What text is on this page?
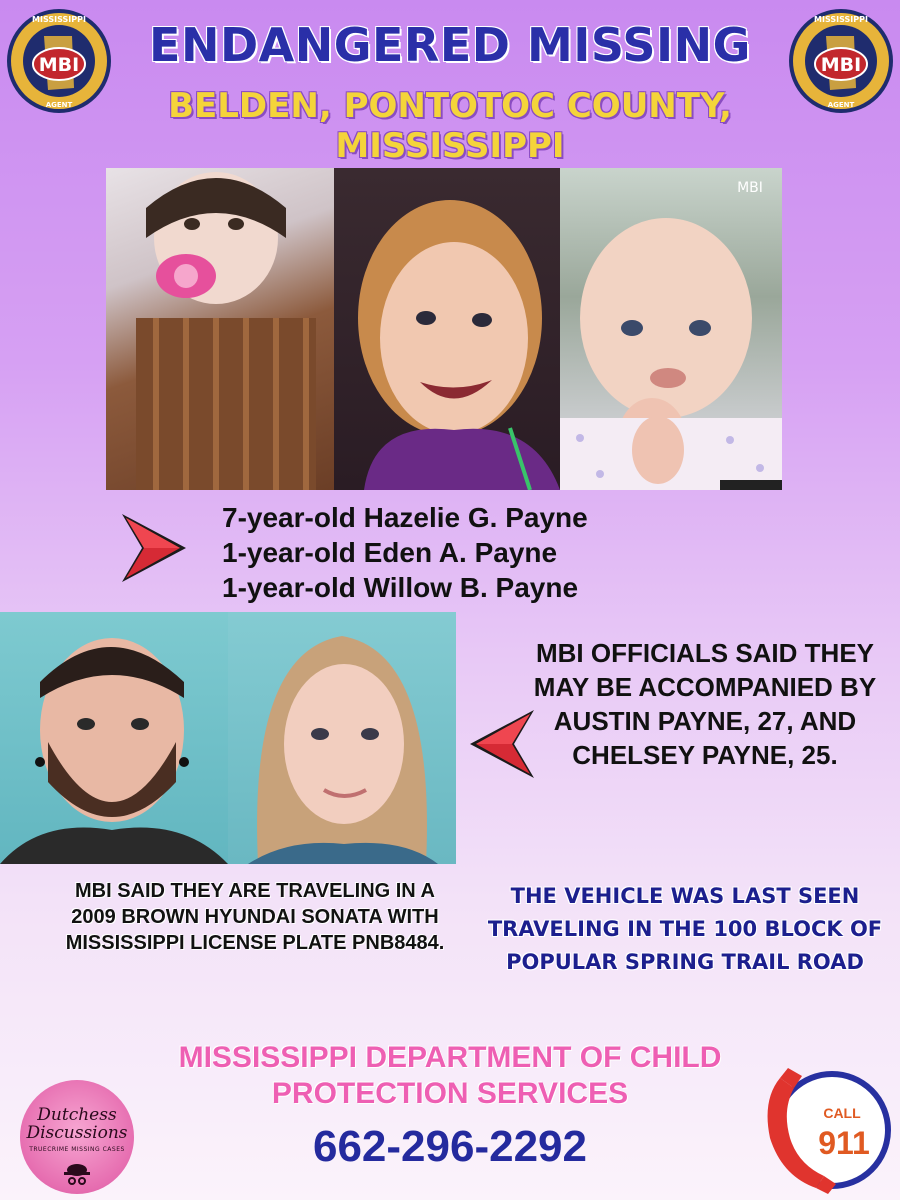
ENDANGERED MISSING
BELDEN, PONTOTOC COUNTY, MISSISSIPPI
MBI
MISSISSIPPI
AGENT
MBI
MISSISSIPPI
AGENT
MBI
7-year-old Hazelie G. Payne
1-year-old Eden A. Payne
1-year-old Willow B. Payne
MBI OFFICIALS SAID THEY MAY BE ACCOMPANIED BY AUSTIN PAYNE, 27, AND CHELSEY PAYNE, 25.
MBI SAID THEY ARE TRAVELING IN A 2009 BROWN HYUNDAI SONATA WITH MISSISSIPPI LICENSE PLATE PNB8484.
THE VEHICLE WAS LAST SEEN TRAVELING IN THE 100 BLOCK OF POPULAR SPRING TRAIL ROAD
MISSISSIPPI DEPARTMENT OF CHILD PROTECTION SERVICES
662-296-2292
Dutchess Discussions
TRUECRIME MISSING CASES
CALL
911
